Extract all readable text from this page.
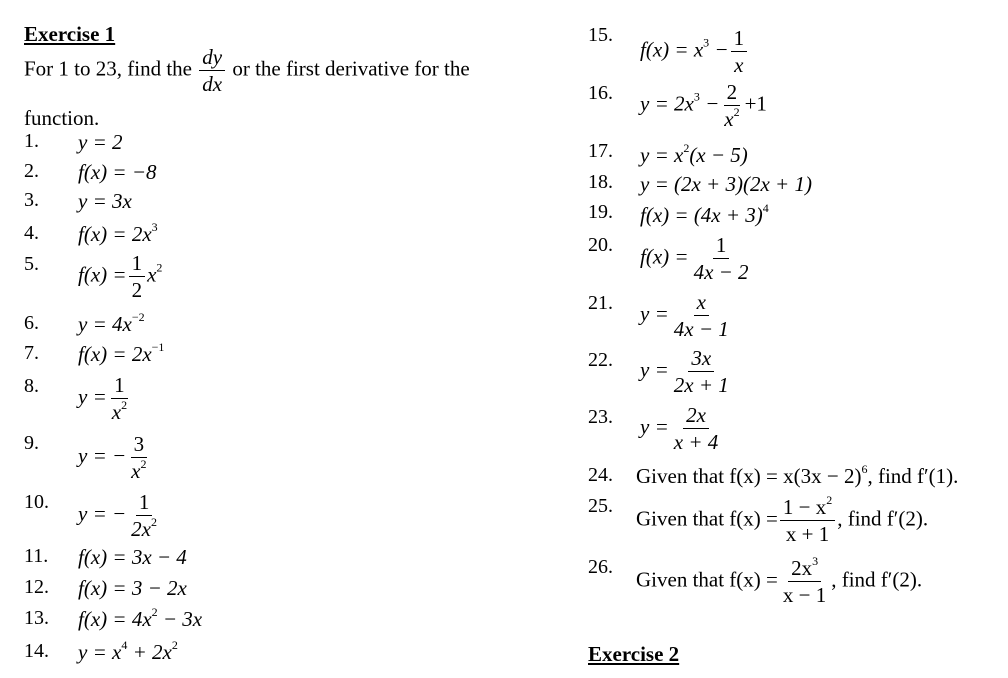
Exercise 1
For 1 to 23, find the $\frac{dy}{dx}$ or the first derivative for the
function.
1. y = 2
2. f(x) = −8
3. y = 3x
4. $f(x) = 2x^3$
5. $f(x) = \frac{1}{2} x^2$
6. $y = 4x^{-2}$
7. $f(x) = 2x^{-1}$
8. $y = \frac{1}{x^2}$
9.
y = − $\frac{3}{x^2}$
10. y = − $\frac{1}{2x^2}$
11. f(x) = 3x − 4
12. f(x) = 3 − 2x
13. $f(x) = 4x^2 - 3x$
14. $y = x^4 + 2x^2$
15.
$f(x) = x^3 - \frac{1}{x}$
16. $y = 2x^3 - \frac{2}{x^2} +1$
17. $y = x^2(x - 5)$
18. y = (2x + 3)(2x + 1)
19. $f(x) = (4x + 3)^4$
20. $f(x) = \frac{1}{4x - 2}$
21. $y = \frac{x}{4x - 1}$
22. $y = \frac{3x}{2x + 1}$
23. $y = \frac{2x}{x + 4}$
24. Given that $f(x) = x(3x - 2)^6$, find f′(1).
25.
Given that $f(x) = \frac{1 - x^2}{x + 1}$ , find f′(2).
26.
Given that $f(x) = \frac{2x^3}{x - 1}$ , find f′(2).
Exercise 2
